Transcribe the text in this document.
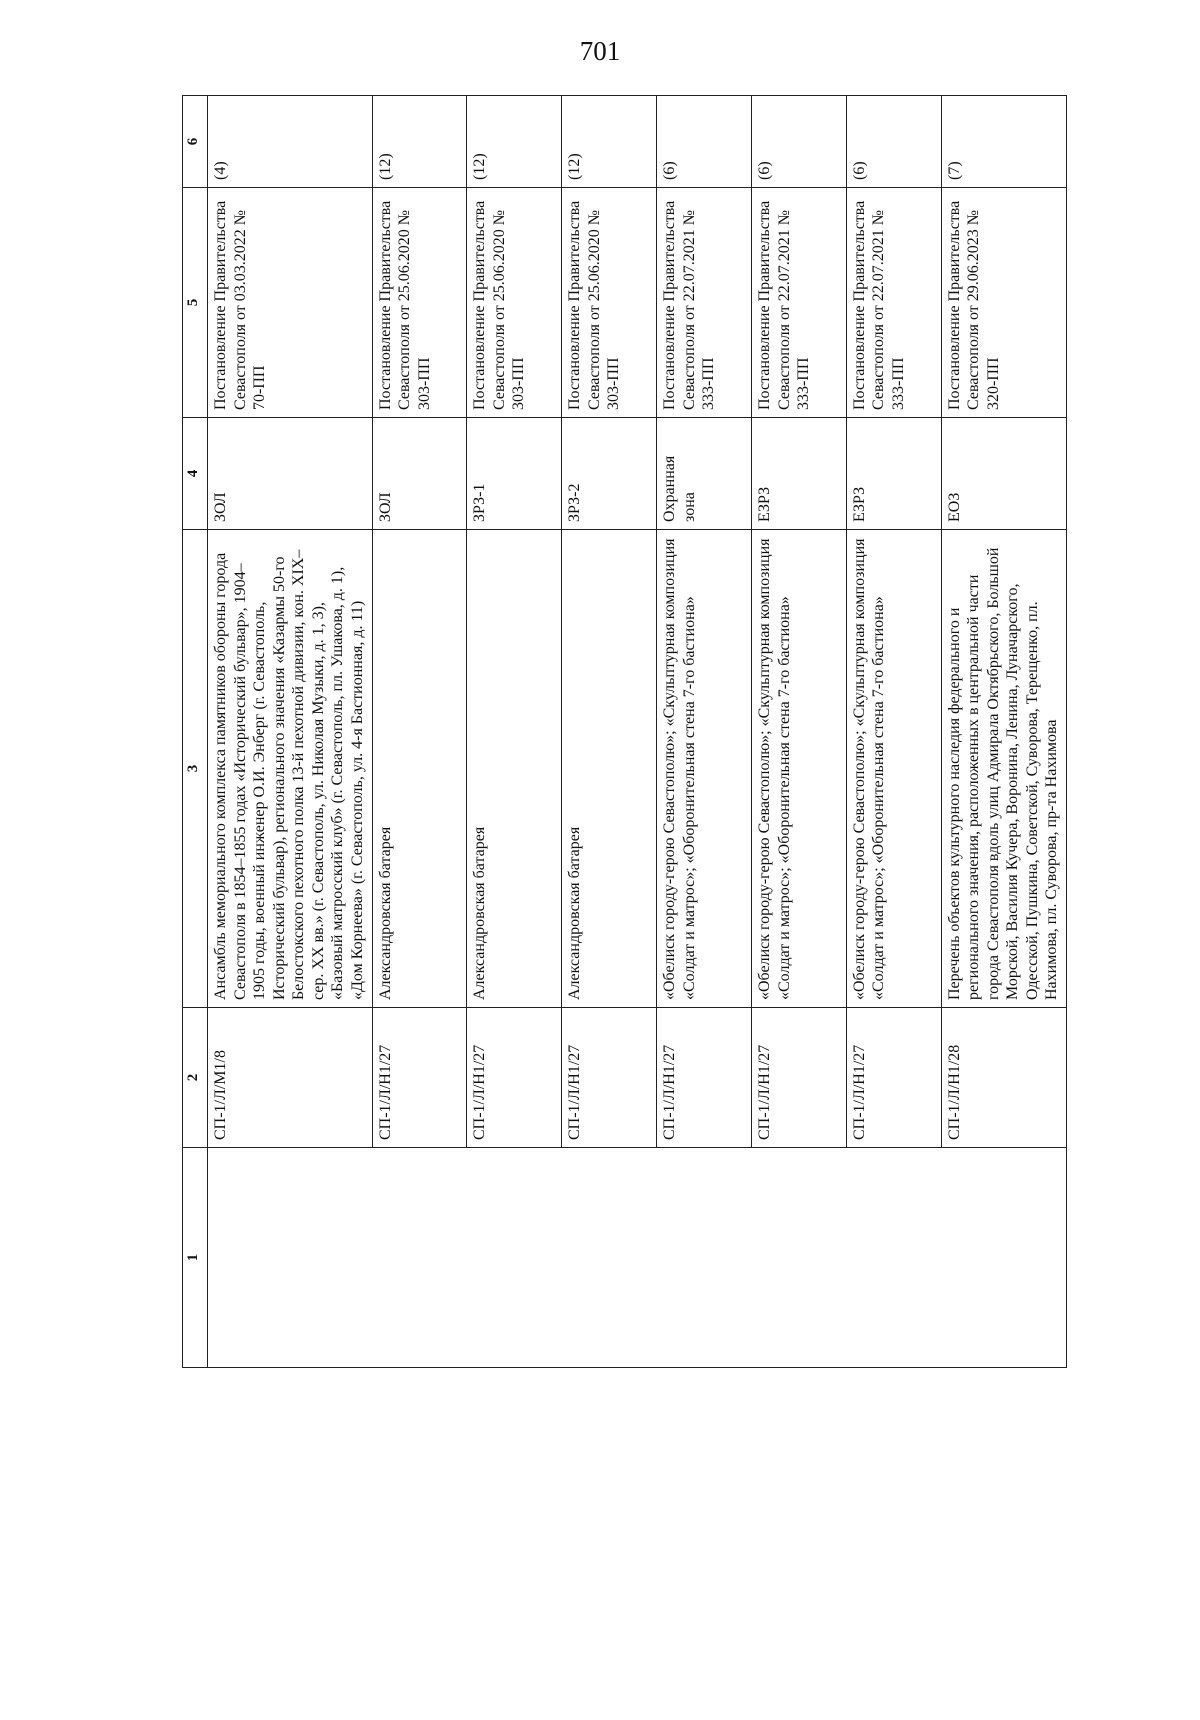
701
1	2	3	4	5	6
	СП-1/Л/М1/8	Ансамбль мемориального комплекса памятников обороны города Севастополя в 1854–1855 годах «Исторический бульвар», 1904–1905 годы, военный инженер О.И. Энберг (г. Севастополь, Исторический бульвар), регионального значения «Казармы 50-го Белостокского пехотного полка 13-й пехотной дивизии, кон. XIX–сер. XX вв.» (г. Севастополь, ул. Николая Музыки, д. 1, 3), «Базовый матросский клуб» (г. Севастополь, пл. Ушакова, д. 1), «Дом Корнеева» (г. Севастополь, ул. 4-я Бастионная, д. 11)	ЗОЛ	Постановление Правительства Севастополя от 03.03.2022 № 70-ПП	(4)
	СП-1/Л/Н1/27	Александровская батарея	ЗОЛ	Постановление Правительства Севастополя от 25.06.2020 № 303-ПП	(12)
	СП-1/Л/Н1/27	Александровская батарея	ЗРЗ-1	Постановление Правительства Севастополя от 25.06.2020 № 303-ПП	(12)
	СП-1/Л/Н1/27	Александровская батарея	ЗРЗ-2	Постановление Правительства Севастополя от 25.06.2020 № 303-ПП	(12)
	СП-1/Л/Н1/27	«Обелиск городу-герою Севастополю»; «Скульптурная композиция «Солдат и матрос»; «Оборонительная стена 7-го бастиона»	Охранная зона	Постановление Правительства Севастополя от 22.07.2021 № 333-ПП	(6)
	СП-1/Л/Н1/27	«Обелиск городу-герою Севастополю»; «Скульптурная композиция «Солдат и матрос»; «Оборонительная стена 7-го бастиона»	ЕЗРЗ	Постановление Правительства Севастополя от 22.07.2021 № 333-ПП	(6)
	СП-1/Л/Н1/27	«Обелиск городу-герою Севастополю»; «Скульптурная композиция «Солдат и матрос»; «Оборонительная стена 7-го бастиона»	ЕЗРЗ	Постановление Правительства Севастополя от 22.07.2021 № 333-ПП	(6)
	СП-1/Л/Н1/28	Перечень объектов культурного наследия федерального и регионального значения, расположенных в центральной части города Севастополя вдоль улиц Адмирала Октябрьского, Большой Морской, Василия Кучера, Воронина, Ленина, Луначарского, Одесской, Пушкина, Советской, Суворова, Терещенко, пл. Нахимова, пл. Суворова, пр-та Нахимова	ЕОЗ	Постановление Правительства Севастополя от 29.06.2023 № 320-ПП	(7)
